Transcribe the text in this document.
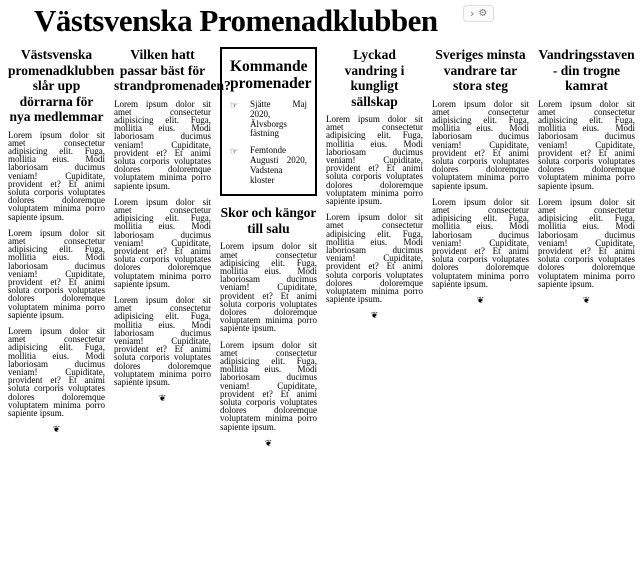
Västsvenska Promenadklubben	› ⚙
Västsvenska promenadklubben slår upp dörrarna för nya medlemmar

Lorem ipsum dolor sit amet consectetur adipisicing elit. Fuga, mollitia eius. Modi laboriosam ducimus veniam! Cupiditate, provident et? Et animi soluta corporis voluptates dolores doloremque voluptatem minima porro sapiente ipsum.

Lorem ipsum dolor sit amet consectetur adipisicing elit. Fuga, mollitia eius. Modi laboriosam ducimus veniam! Cupiditate, provident et? Et animi soluta corporis voluptates dolores doloremque voluptatem minima porro sapiente ipsum.

Lorem ipsum dolor sit amet consectetur adipisicing elit. Fuga, mollitia eius. Modi laboriosam ducimus veniam! Cupiditate, provident et? Et animi soluta corporis voluptates dolores doloremque voluptatem minima porro sapiente ipsum.

❦
Vilken hatt passar bäst för strandpromenaden?

Lorem ipsum dolor sit amet consectetur adipisicing elit. Fuga, mollitia eius. Modi laboriosam ducimus veniam! Cupiditate, provident et? Et animi soluta corporis voluptates dolores doloremque voluptatem minima porro sapiente ipsum.

Lorem ipsum dolor sit amet consectetur adipisicing elit. Fuga, mollitia eius. Modi laboriosam ducimus veniam! Cupiditate, provident et? Et animi soluta corporis voluptates dolores doloremque voluptatem minima porro sapiente ipsum.

Lorem ipsum dolor sit amet consectetur adipisicing elit. Fuga, mollitia eius. Modi laboriosam ducimus veniam! Cupiditate, provident et? Et animi soluta corporis voluptates dolores doloremque voluptatem minima porro sapiente ipsum.

❦
Kommande promenader
☞	Sjätte Maj 2020, Älvsborgs fästning
☞	Femtonde Augusti 2020, Vadstena kloster
Skor och kängor till salu

Lorem ipsum dolor sit amet consectetur adipisicing elit. Fuga, mollitia eius. Modi laboriosam ducimus veniam! Cupiditate, provident et? Et animi soluta corporis voluptates dolores doloremque voluptatem minima porro sapiente ipsum.

Lorem ipsum dolor sit amet consectetur adipisicing elit. Fuga, mollitia eius. Modi laboriosam ducimus veniam! Cupiditate, provident et? Et animi soluta corporis voluptates dolores doloremque voluptatem minima porro sapiente ipsum.

❦
Lyckad vandring i kungligt sällskap

Lorem ipsum dolor sit amet consectetur adipisicing elit. Fuga, mollitia eius. Modi laboriosam ducimus veniam! Cupiditate, provident et? Et animi soluta corporis voluptates dolores doloremque voluptatem minima porro sapiente ipsum.

Lorem ipsum dolor sit amet consectetur adipisicing elit. Fuga, mollitia eius. Modi laboriosam ducimus veniam! Cupiditate, provident et? Et animi soluta corporis voluptates dolores doloremque voluptatem minima porro sapiente ipsum.

❦
Sveriges minsta vandrare tar stora steg

Lorem ipsum dolor sit amet consectetur adipisicing elit. Fuga, mollitia eius. Modi laboriosam ducimus veniam! Cupiditate, provident et? Et animi soluta corporis voluptates dolores doloremque voluptatem minima porro sapiente ipsum.

Lorem ipsum dolor sit amet consectetur adipisicing elit. Fuga, mollitia eius. Modi laboriosam ducimus veniam! Cupiditate, provident et? Et animi soluta corporis voluptates dolores doloremque voluptatem minima porro sapiente ipsum.

❦
Vandringsstaven - din trogne kamrat

Lorem ipsum dolor sit amet consectetur adipisicing elit. Fuga, mollitia eius. Modi laboriosam ducimus veniam! Cupiditate, provident et? Et animi soluta corporis voluptates dolores doloremque voluptatem minima porro sapiente ipsum.

Lorem ipsum dolor sit amet consectetur adipisicing elit. Fuga, mollitia eius. Modi laboriosam ducimus veniam! Cupiditate, provident et? Et animi soluta corporis voluptates dolores doloremque voluptatem minima porro sapiente ipsum.

❦
